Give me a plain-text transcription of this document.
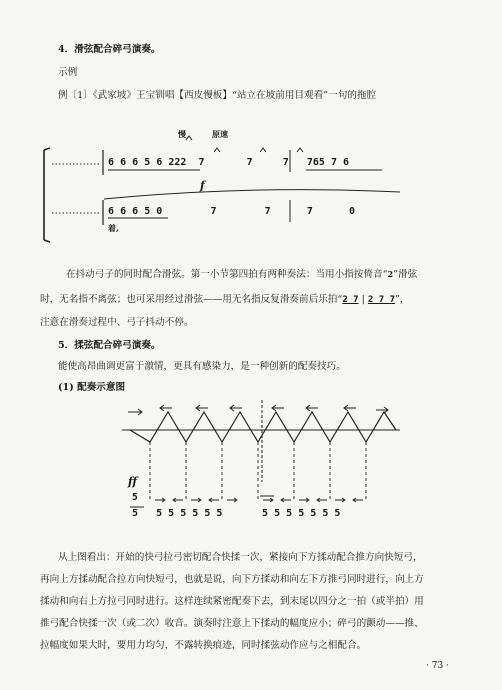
4．滑弦配合碎弓演奏。
示例
例〔1〕《武家坡》王宝钏唱【西皮慢板】“站立在坡前用目观看”一句的拖腔
慢	原速
6 6 6 5 6 222 7	7	7 765 7 6
f
6 6 6 5 0	7	7	7	0
着,
在抖动弓子的同时配合滑弦。第一小节第四拍有两种奏法：当用小指按倚音“2”滑弦
时，无名指不离弦；也可采用经过滑弦——用无名指反复滑奏前后乐拍“2 7 | 2 7 7”，
注意在滑奏过程中、弓子抖动不停。
5．揉弦配合碎弓演奏。
能使高昂曲调更富于激情，更具有感染力，是一种创新的配奏技巧。
(1) 配奏示意图
ff
5
5 5 5 5 5 5 5	5 5 5 5 5 5 5
从上图看出：开始的快弓拉弓密切配合快揉一次，紧接向下方揉动配合推方向快短弓，
再向上方揉动配合拉方向快短弓，也就是说，向下方揉动和向左下方推弓同时进行，向上方
揉动和向右上方拉弓同时进行。这样连续紧密配奏下去，到末尾以四分之一拍（或半拍）用
推弓配合快揉一次（或二次）收音。演奏时注意上下揉动的幅度应小；碎弓的颤动——推、
拉幅度如果大时，要用力均匀，不露转换痕迹，同时揉弦动作应与之相配合。
· 73 ·
